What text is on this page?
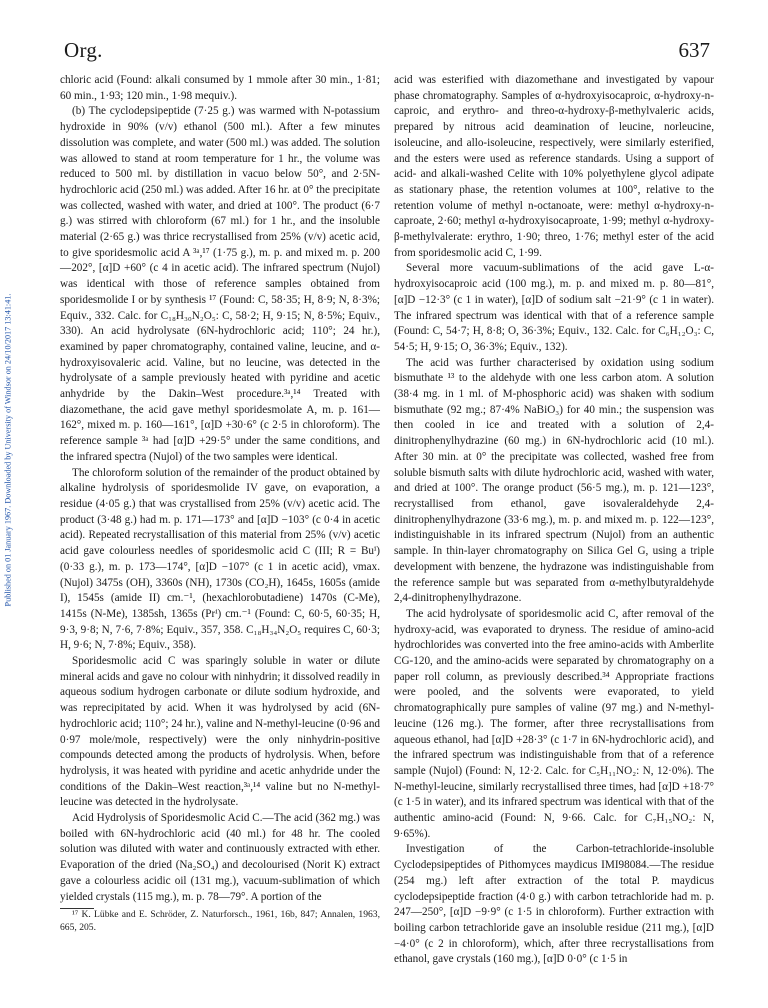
Published on 01 January 1967. Downloaded by University of Windsor on 24/10/2017 13:41:41.
Org.	637

chloric acid (Found: alkali consumed by 1 mmole after 30 min., 1·81; 60 min., 1·93; 120 min., 1·98 mequiv.).

(b) The cyclodepsipeptide (7·25 g.) was warmed with N-potassium hydroxide in 90% (v/v) ethanol (500 ml.). After a few minutes dissolution was complete, and water (500 ml.) was added. The solution was allowed to stand at room temperature for 1 hr., the volume was reduced to 500 ml. by distillation in vacuo below 50°, and 2·5N-hydrochloric acid (250 ml.) was added. After 16 hr. at 0° the precipitate was collected, washed with water, and dried at 100°. The product (6·7 g.) was stirred with chloroform (67 ml.) for 1 hr., and the insoluble material (2·65 g.) was thrice recrystallised from 25% (v/v) acetic acid, to give sporidesmolic acid A ³ᵃ,¹⁷ (1·75 g.), m. p. and mixed m. p. 200—202°, [α]D +60° (c 4 in acetic acid). The infrared spectrum (Nujol) was identical with those of reference samples obtained from sporidesmolide I or by synthesis ¹⁷ (Found: C, 58·35; H, 8·9; N, 8·3%; Equiv., 332. Calc. for C₁₈H₃₀N₂O₅: C, 58·2; H, 9·15; N, 8·5%; Equiv., 330). An acid hydrolysate (6N-hydrochloric acid; 110°; 24 hr.), examined by paper chromatography, contained valine, leucine, and α-hydroxyisovaleric acid. Valine, but no leucine, was detected in the hydrolysate of a sample previously heated with pyridine and acetic anhydride by the Dakin–West procedure.³ᵃ,¹⁴ Treated with diazomethane, the acid gave methyl sporidesmolate A, m. p. 161—162°, mixed m. p. 160—161°, [α]D +30·6° (c 2·5 in chloroform). The reference sample ³ᵃ had [α]D +29·5° under the same conditions, and the infrared spectra (Nujol) of the two samples were identical.

The chloroform solution of the remainder of the product obtained by alkaline hydrolysis of sporidesmolide IV gave, on evaporation, a residue (4·05 g.) that was crystallised from 25% (v/v) acetic acid. The product (3·48 g.) had m. p. 171—173° and [α]D −103° (c 0·4 in acetic acid). Repeated recrystallisation of this material from 25% (v/v) acetic acid gave colourless needles of sporidesmolic acid C (III; R = Buⁱ) (0·33 g.), m. p. 173—174°, [α]D −107° (c 1 in acetic acid), νmax. (Nujol) 3475s (OH), 3360s (NH), 1730s (CO₂H), 1645s, 1605s (amide I), 1545s (amide II) cm.⁻¹, (hexachlorobutadiene) 1470s (C-Me), 1415s (N-Me), 1385sh, 1365s (Prⁱ) cm.⁻¹ (Found: C, 60·5, 60·35; H, 9·3, 9·8; N, 7·6, 7·8%; Equiv., 357, 358. C₁₈H₃₄N₂O₅ requires C, 60·3; H, 9·6; N, 7·8%; Equiv., 358).

Sporidesmolic acid C was sparingly soluble in water or dilute mineral acids and gave no colour with ninhydrin; it dissolved readily in aqueous sodium hydrogen carbonate or dilute sodium hydroxide, and was reprecipitated by acid. When it was hydrolysed by acid (6N-hydrochloric acid; 110°; 24 hr.), valine and N-methyl-leucine (0·96 and 0·97 mole/mole, respectively) were the only ninhydrin-positive compounds detected among the products of hydrolysis. When, before hydrolysis, it was heated with pyridine and acetic anhydride under the conditions of the Dakin–West reaction,³ᵃ,¹⁴ valine but no N-methyl-leucine was detected in the hydrolysate.

Acid Hydrolysis of Sporidesmolic Acid C.—The acid (362 mg.) was boiled with 6N-hydrochloric acid (40 ml.) for 48 hr. The cooled solution was diluted with water and continuously extracted with ether. Evaporation of the dried (Na₂SO₄) and decolourised (Norit K) extract gave a colourless acidic oil (131 mg.), vacuum-sublimation of which yielded crystals (115 mg.), m. p. 78—79°. A portion of the

¹⁷ K. Lübke and E. Schröder, Z. Naturforsch., 1961, 16b, 847; Annalen, 1963, 665, 205.

acid was esterified with diazomethane and investigated by vapour phase chromatography. Samples of α-hydroxyisocaproic, α-hydroxy-n-caproic, and erythro- and threo-α-hydroxy-β-methylvaleric acids, prepared by nitrous acid deamination of leucine, norleucine, isoleucine, and allo-isoleucine, respectively, were similarly esterified, and the esters were used as reference standards. Using a support of acid- and alkali-washed Celite with 10% polyethylene glycol adipate as stationary phase, the retention volumes at 100°, relative to the retention volume of methyl n-octanoate, were: methyl α-hydroxy-n-caproate, 2·60; methyl α-hydroxyisocaproate, 1·99; methyl α-hydroxy-β-methylvalerate: erythro, 1·90; threo, 1·76; methyl ester of the acid from sporidesmolic acid C, 1·99.

Several more vacuum-sublimations of the acid gave L-α-hydroxyisocaproic acid (100 mg.), m. p. and mixed m. p. 80—81°, [α]D −12·3° (c 1 in water), [α]D of sodium salt −21·9° (c 1 in water). The infrared spectrum was identical with that of a reference sample (Found: C, 54·7; H, 8·8; O, 36·3%; Equiv., 132. Calc. for C₆H₁₂O₃: C, 54·5; H, 9·15; O, 36·3%; Equiv., 132).

The acid was further characterised by oxidation using sodium bismuthate ¹³ to the aldehyde with one less carbon atom. A solution (38·4 mg. in 1 ml. of M-phosphoric acid) was shaken with sodium bismuthate (92 mg.; 87·4% NaBiO₃) for 40 min.; the suspension was then cooled in ice and treated with a solution of 2,4-dinitrophenylhydrazine (60 mg.) in 6N-hydrochloric acid (10 ml.). After 30 min. at 0° the precipitate was collected, washed free from soluble bismuth salts with dilute hydrochloric acid, washed with water, and dried at 100°. The orange product (56·5 mg.), m. p. 121—123°, recrystallised from ethanol, gave isovaleraldehyde 2,4-dinitrophenylhydrazone (33·6 mg.), m. p. and mixed m. p. 122—123°, indistinguishable in its infrared spectrum (Nujol) from an authentic sample. In thin-layer chromatography on Silica Gel G, using a triple development with benzene, the hydrazone was indistinguishable from the reference sample but was separated from α-methylbutyraldehyde 2,4-dinitrophenylhydrazone.

The acid hydrolysate of sporidesmolic acid C, after removal of the hydroxy-acid, was evaporated to dryness. The residue of amino-acid hydrochlorides was converted into the free amino-acids with Amberlite CG-120, and the amino-acids were separated by chromatography on a paper roll column, as previously described.³⁴ Appropriate fractions were pooled, and the solvents were evaporated, to yield chromatographically pure samples of valine (97 mg.) and N-methyl-leucine (126 mg.). The former, after three recrystallisations from aqueous ethanol, had [α]D +28·3° (c 1·7 in 6N-hydrochloric acid), and the infrared spectrum was indistinguishable from that of a reference sample (Nujol) (Found: N, 12·2. Calc. for C₅H₁₁NO₂: N, 12·0%). The N-methyl-leucine, similarly recrystallised three times, had [α]D +18·7° (c 1·5 in water), and its infrared spectrum was identical with that of the authentic amino-acid (Found: N, 9·66. Calc. for C₇H₁₅NO₂: N, 9·65%).

Investigation of the Carbon-tetrachloride-insoluble Cyclodepsipeptides of Pithomyces maydicus IMI98084.—The residue (254 mg.) left after extraction of the total P. maydicus cyclodepsipeptide fraction (4·0 g.) with carbon tetrachloride had m. p. 247—250°, [α]D −9·9° (c 1·5 in chloroform). Further extraction with boiling carbon tetrachloride gave an insoluble residue (211 mg.), [α]D −4·0° (c 2 in chloroform), which, after three recrystallisations from ethanol, gave crystals (160 mg.), [α]D 0·0° (c 1·5 in
